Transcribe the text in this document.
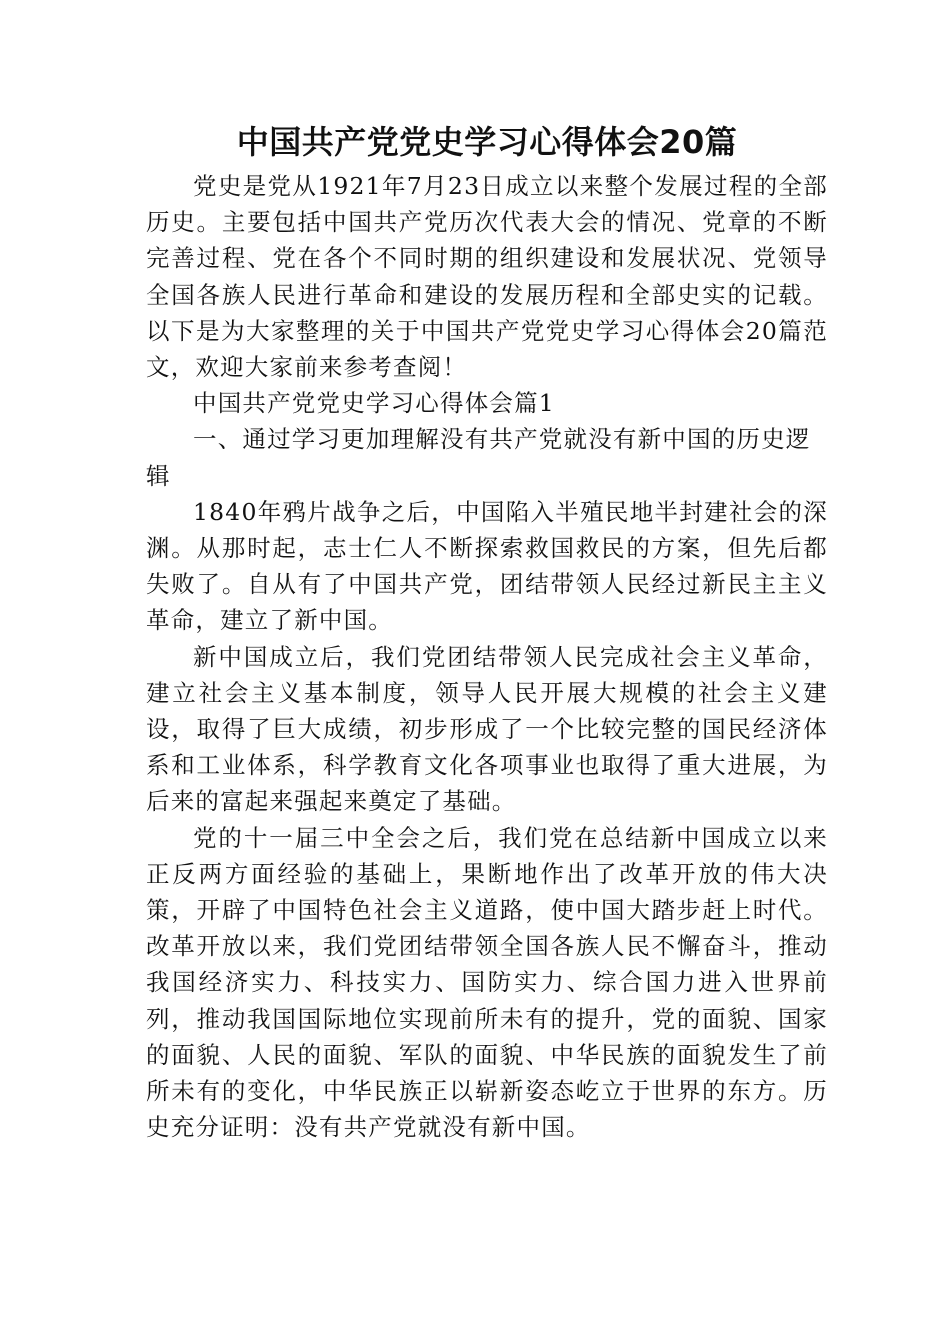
中国共产党党史学习心得体会20篇

党史是党从1921年7月23日成立以来整个发展过程的全部历史。主要包括中国共产党历次代表大会的情况、党章的不断完善过程、党在各个不同时期的组织建设和发展状况、党领导全国各族人民进行革命和建设的发展历程和全部史实的记载。以下是为大家整理的关于中国共产党党史学习心得体会20篇范文，欢迎大家前来参考查阅！

中国共产党党史学习心得体会篇1

一、通过学习更加理解没有共产党就没有新中国的历史逻辑

1840年鸦片战争之后，中国陷入半殖民地半封建社会的深渊。从那时起，志士仁人不断探索救国救民的方案，但先后都失败了。自从有了中国共产党，团结带领人民经过新民主主义革命，建立了新中国。

新中国成立后，我们党团结带领人民完成社会主义革命，建立社会主义基本制度，领导人民开展大规模的社会主义建设，取得了巨大成绩，初步形成了一个比较完整的国民经济体系和工业体系，科学教育文化各项事业也取得了重大进展，为后来的富起来强起来奠定了基础。

党的十一届三中全会之后，我们党在总结新中国成立以来正反两方面经验的基础上，果断地作出了改革开放的伟大决策，开辟了中国特色社会主义道路，使中国大踏步赶上时代。改革开放以来，我们党团结带领全国各族人民不懈奋斗，推动我国经济实力、科技实力、国防实力、综合国力进入世界前列，推动我国国际地位实现前所未有的提升，党的面貌、国家的面貌、人民的面貌、军队的面貌、中华民族的面貌发生了前所未有的变化，中华民族正以崭新姿态屹立于世界的东方。历史充分证明：没有共产党就没有新中国。
